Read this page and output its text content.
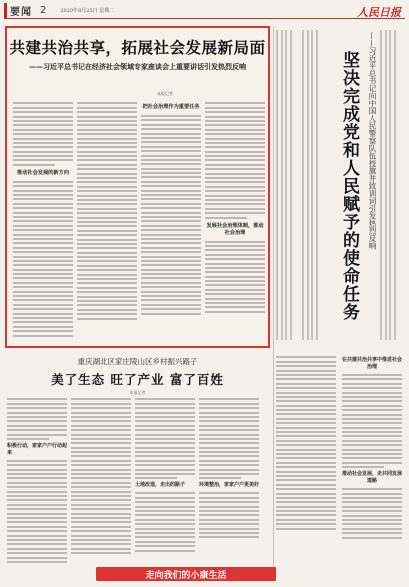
要闻 2	2020年8月25日 星期二	人民日报
共建共治共享，拓展社会发展新局面
——习近平总书记在经济社会领域专家座谈会上重要讲话引发热烈反响
本报记者
推动社会发展的新方向
把社会治理作为重要任务
发展社会治理体制，推动社会治理	坚决完成党和人民赋予的使命任务	——习近平总书记向中国人民警察队伍授旗并致训词引发热烈反响
重庆湖北区家庄陵山区乡村振兴路子
美了生态 旺了产业 富了百姓
本报记者
积极行动，家家户户行动起来
土地改造，走出的路子	环境整治，家家户户更美好
在共建共治共享中推进社会治理
推动社会发展，走共同发展道路
走向我们的小康生活
